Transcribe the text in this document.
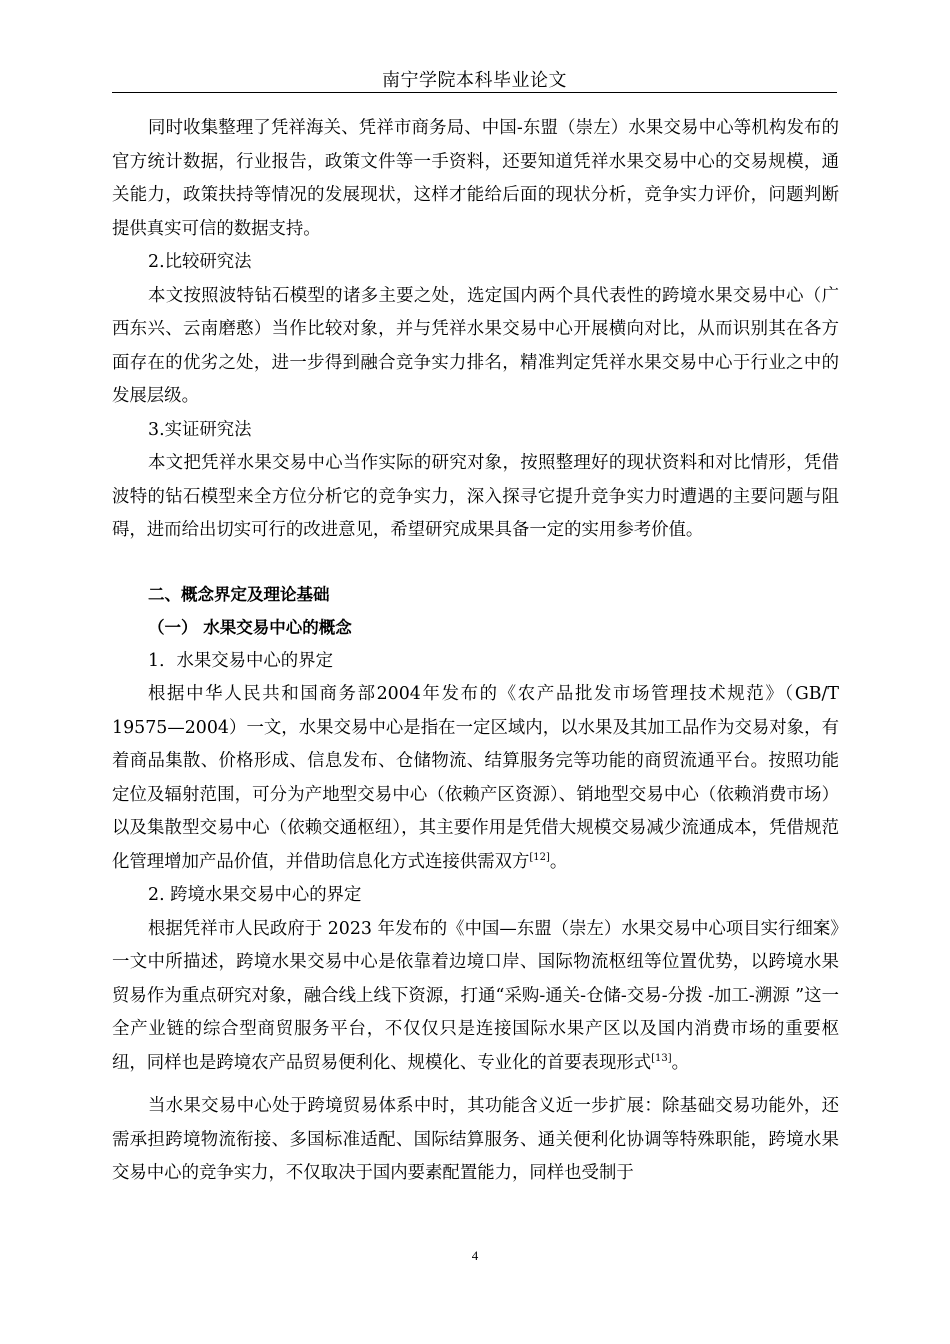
南宁学院本科毕业论文

同时收集整理了凭祥海关、凭祥市商务局、中国-东盟（崇左）水果交易中心等机构发布的官方统计数据，行业报告，政策文件等一手资料，还要知道凭祥水果交易中心的交易规模，通关能力，政策扶持等情况的发展现状，这样才能给后面的现状分析，竞争实力评价，问题判断提供真实可信的数据支持。

2.比较研究法

本文按照波特钻石模型的诸多主要之处，选定国内两个具代表性的跨境水果交易中心（广西东兴、云南磨憨）当作比较对象，并与凭祥水果交易中心开展横向对比，从而识别其在各方面存在的优劣之处，进一步得到融合竞争实力排名，精准判定凭祥水果交易中心于行业之中的发展层级。

3.实证研究法

本文把凭祥水果交易中心当作实际的研究对象，按照整理好的现状资料和对比情形，凭借波特的钻石模型来全方位分析它的竞争实力，深入探寻它提升竞争实力时遭遇的主要问题与阻碍，进而给出切实可行的改进意见，希望研究成果具备一定的实用参考价值。

二、概念界定及理论基础

（一） 水果交易中心的概念

1．水果交易中心的界定

根据中华人民共和国商务部2004年发布的《农产品批发市场管理技术规范》（GB/T 19575—2004）一文，水果交易中心是指在一定区域内，以水果及其加工品作为交易对象，有着商品集散、价格形成、信息发布、仓储物流、结算服务完等功能的商贸流通平台。按照功能定位及辐射范围，可分为产地型交易中心（依赖产区资源）、销地型交易中心（依赖消费市场）以及集散型交易中心（依赖交通枢纽），其主要作用是凭借大规模交易减少流通成本，凭借规范化管理增加产品价值，并借助信息化方式连接供需双方[12]。

2. 跨境水果交易中心的界定

根据凭祥市人民政府于 2023 年发布的《中国—东盟（崇左）水果交易中心项目实行细案》一文中所描述，跨境水果交易中心是依靠着边境口岸、国际物流枢纽等位置优势，以跨境水果贸易作为重点研究对象，融合线上线下资源，打通“采购-通关-仓储-交易-分拨 -加工-溯源 ”这一全产业链的综合型商贸服务平台，不仅仅只是连接国际水果产区以及国内消费市场的重要枢纽，同样也是跨境农产品贸易便利化、规模化、专业化的首要表现形式[13]。

当水果交易中心处于跨境贸易体系中时，其功能含义近一步扩展：除基础交易功能外，还需承担跨境物流衔接、多国标准适配、国际结算服务、通关便利化协调等特殊职能，跨境水果交易中心的竞争实力，不仅取决于国内要素配置能力，同样也受制于

4
